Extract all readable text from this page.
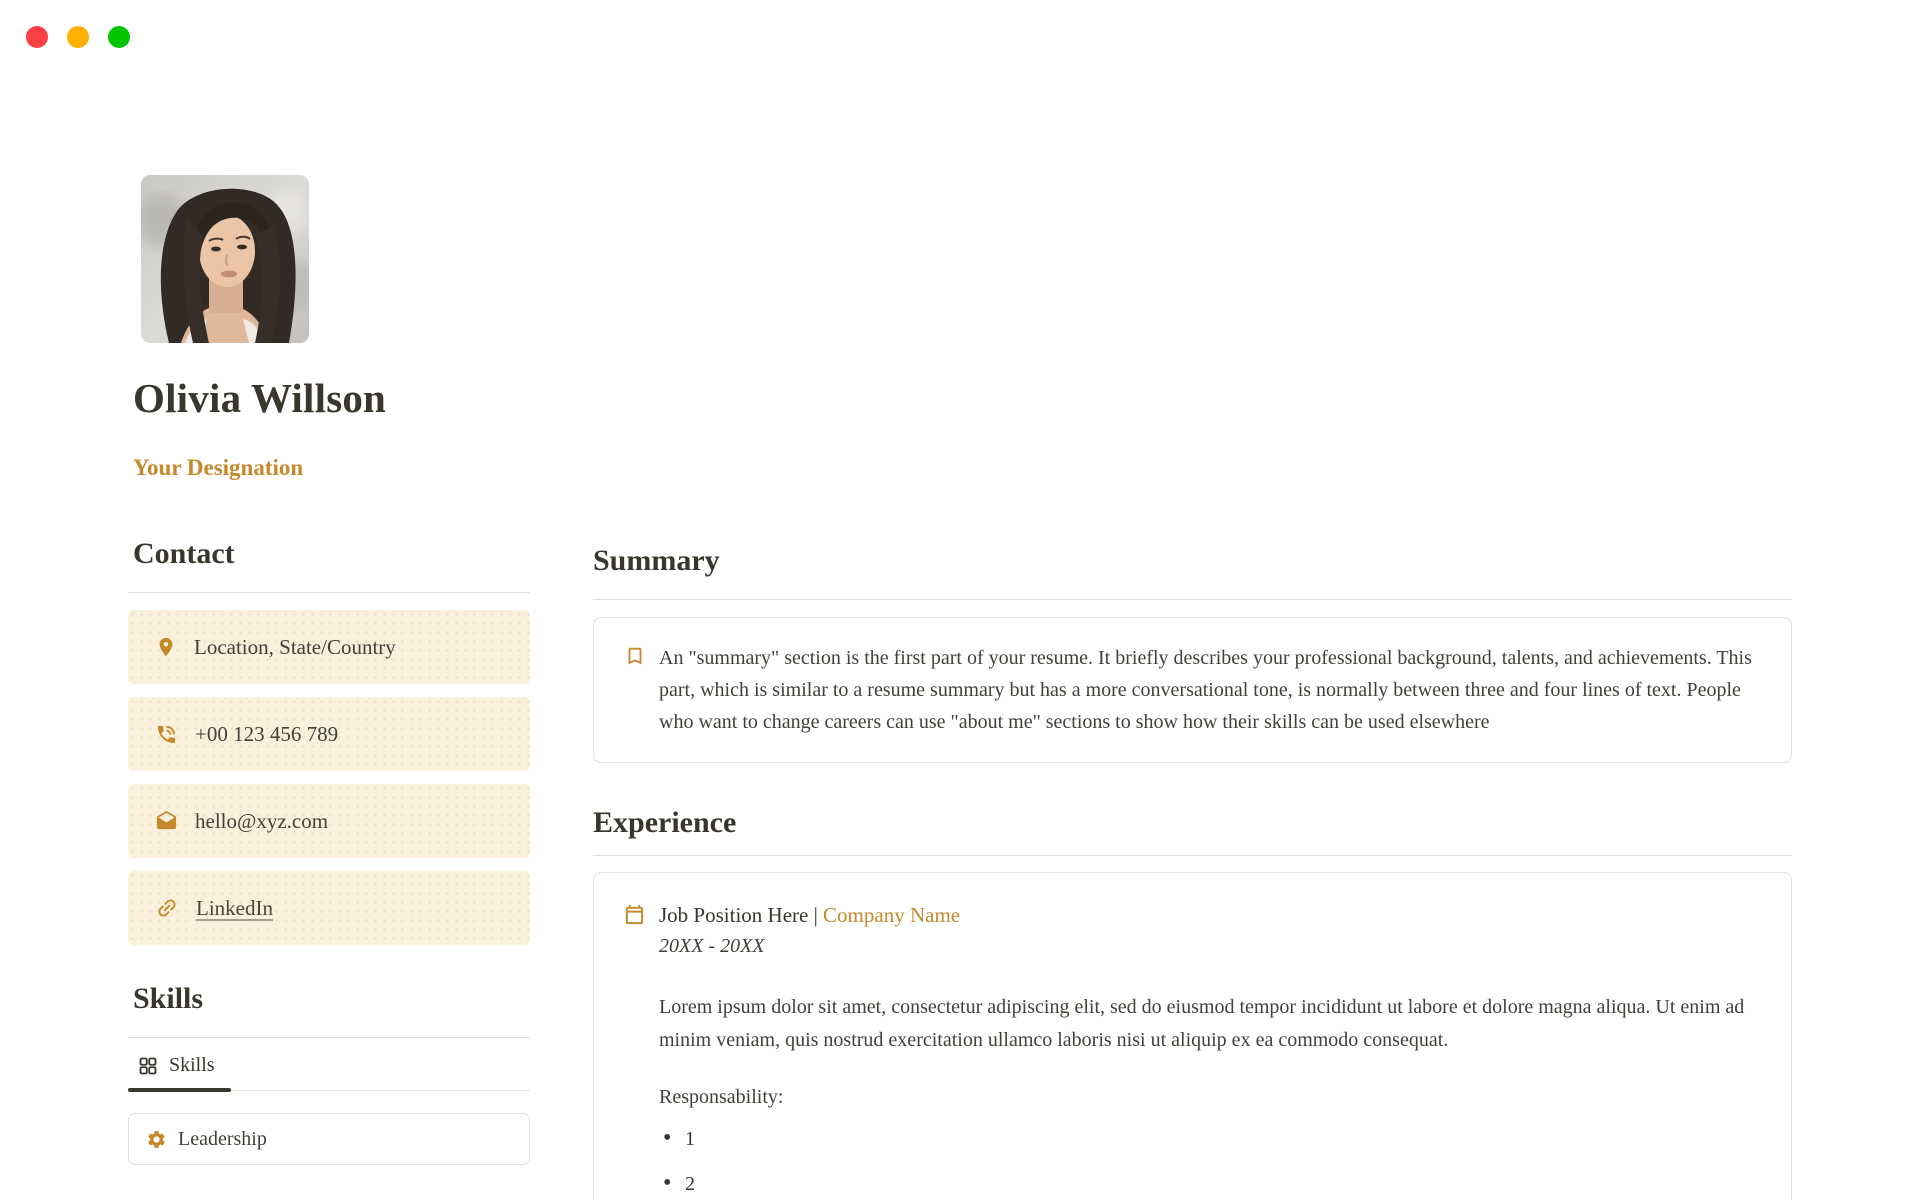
Olivia Willson
Your Designation
Contact
Location, State/Country
+00 123 456 789
hello@xyz.com
LinkedIn
Skills
Skills
Leadership
Summary
An "summary" section is the first part of your resume. It briefly describes your professional background, talents, and achievements. This part, which is similar to a resume summary but has a more conversational tone, is normally between three and four lines of text. People who want to change careers can use "about me" sections to show how their skills can be used elsewhere
Experience
Job Position Here | Company Name
20XX - 20XX
Lorem ipsum dolor sit amet, consectetur adipiscing elit, sed do eiusmod tempor incididunt ut labore et dolore magna aliqua. Ut enim ad minim veniam, quis nostrud exercitation ullamco laboris nisi ut aliquip ex ea commodo consequat.
Responsability:
• 1
• 2
